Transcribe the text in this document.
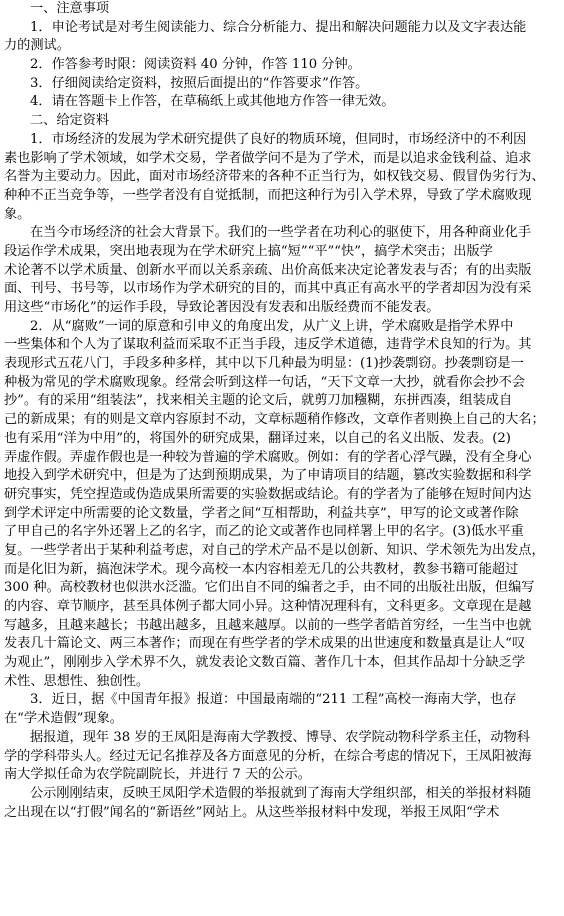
一、注意事项
1．申论考试是对考生阅读能力、综合分析能力、提出和解决问题能力以及文字表达能
力的测试。
2．作答参考时限：阅读资料 40 分钟，作答 110 分钟。
3．仔细阅读给定资料，按照后面提出的“作答要求”作答。
4．请在答题卡上作答，在草稿纸上或其他地方作答一律无效。
二、给定资料
1．市场经济的发展为学术研究提供了良好的物质环境，但同时，市场经济中的不利因
素也影响了学术领域，如学术交易，学者做学问不是为了学术，而是以追求金钱利益、追求
名誉为主要动力。因此，面对市场经济带来的各种不正当行为，如权钱交易、假冒伪劣行为、
种种不正当竞争等，一些学者没有自觉抵制，而把这种行为引入学术界，导致了学术腐败现
象。
在当今市场经济的社会大背景下。我们的一些学者在功利心的驱使下，用各种商业化手
段运作学术成果，突出地表现为在学术研究上搞“短”“平”“快”，搞学术突击；出版学
术论著不以学术质量、创新水平而以关系亲疏、出价高低来决定论著发表与否；有的出卖版
面、刊号、书号等，以市场作为学术研究的目的，而其中真正有高水平的学者却因为没有采
用这些“市场化”的运作手段，导致论著因没有发表和出版经费而不能发表。
2．从“腐败”一词的原意和引申义的角度出发，从广义上讲，学术腐败是指学术界中
一些集体和个人为了谋取利益而采取不正当手段，违反学术道德，违背学术良知的行为。其
表现形式五花八门，手段多种多样，其中以下几种最为明显：(1)抄袭剽窃。抄袭剽窃是一
种极为常见的学术腐败现象。经常会听到这样一句话，“天下文章一大抄，就看你会抄不会
抄”。有的采用“组装法”，找来相关主题的论文后，就剪刀加糨糊，东拼西凑，组装成自
己的新成果；有的则是文章内容原封不动，文章标题稍作修改，文章作者则换上自己的大名；
也有采用“洋为中用”的，将国外的研究成果，翻译过来，以自己的名义出版、发表。(2)
弄虚作假。弄虚作假也是一种较为普遍的学术腐败。例如：有的学者心浮气躁，没有全身心
地投入到学术研究中，但是为了达到预期成果，为了申请项目的结题，篡改实验数据和科学
研究事实，凭空捏造或伪造成果所需要的实验数据或结论。有的学者为了能够在短时间内达
到学术评定中所需要的论文数量，学者之间“互相帮助，利益共享”，甲写的论文或著作除
了甲自己的名字外还署上乙的名字，而乙的论文或著作也同样署上甲的名字。(3)低水平重
复。一些学者出于某种利益考虑，对自己的学术产品不是以创新、知识、学术领先为出发点，
而是化旧为新，搞泡沫学术。现今高校一本内容相差无几的公共教材，教参书籍可能超过
300 种。高校教材也似洪水泛滥。它们出自不同的编者之手，由不同的出版社出版，但编写
的内容、章节顺序，甚至具体例子都大同小异。这种情况理科有，文科更多。文章现在是越
写越多，且越来越长；书越出越多，且越来越厚。以前的一些学者皓首穷经，一生当中也就
发表几十篇论文、两三本著作；而现在有些学者的学术成果的出世速度和数量真是让人“叹
为观止”，刚刚步入学术界不久，就发表论文数百篇、著作几十本，但其作品却十分缺乏学
术性、思想性、独创性。
3．近日，据《中国青年报》报道：中国最南端的“211 工程”高校一海南大学，也存
在“学术造假”现象。
据报道，现年 38 岁的王凤阳是海南大学教授、博导、农学院动物科学系主任，动物科
学的学科带头人。经过无记名推荐及各方面意见的分析，在综合考虑的情况下，王凤阳被海
南大学拟任命为农学院副院长，并进行 7 天的公示。
公示刚刚结束，反映王凤阳学术造假的举报就到了海南大学组织部，相关的举报材料随
之出现在以“打假”闻名的“新语丝”网站上。从这些举报材料中发现，举报王凤阳“学术
